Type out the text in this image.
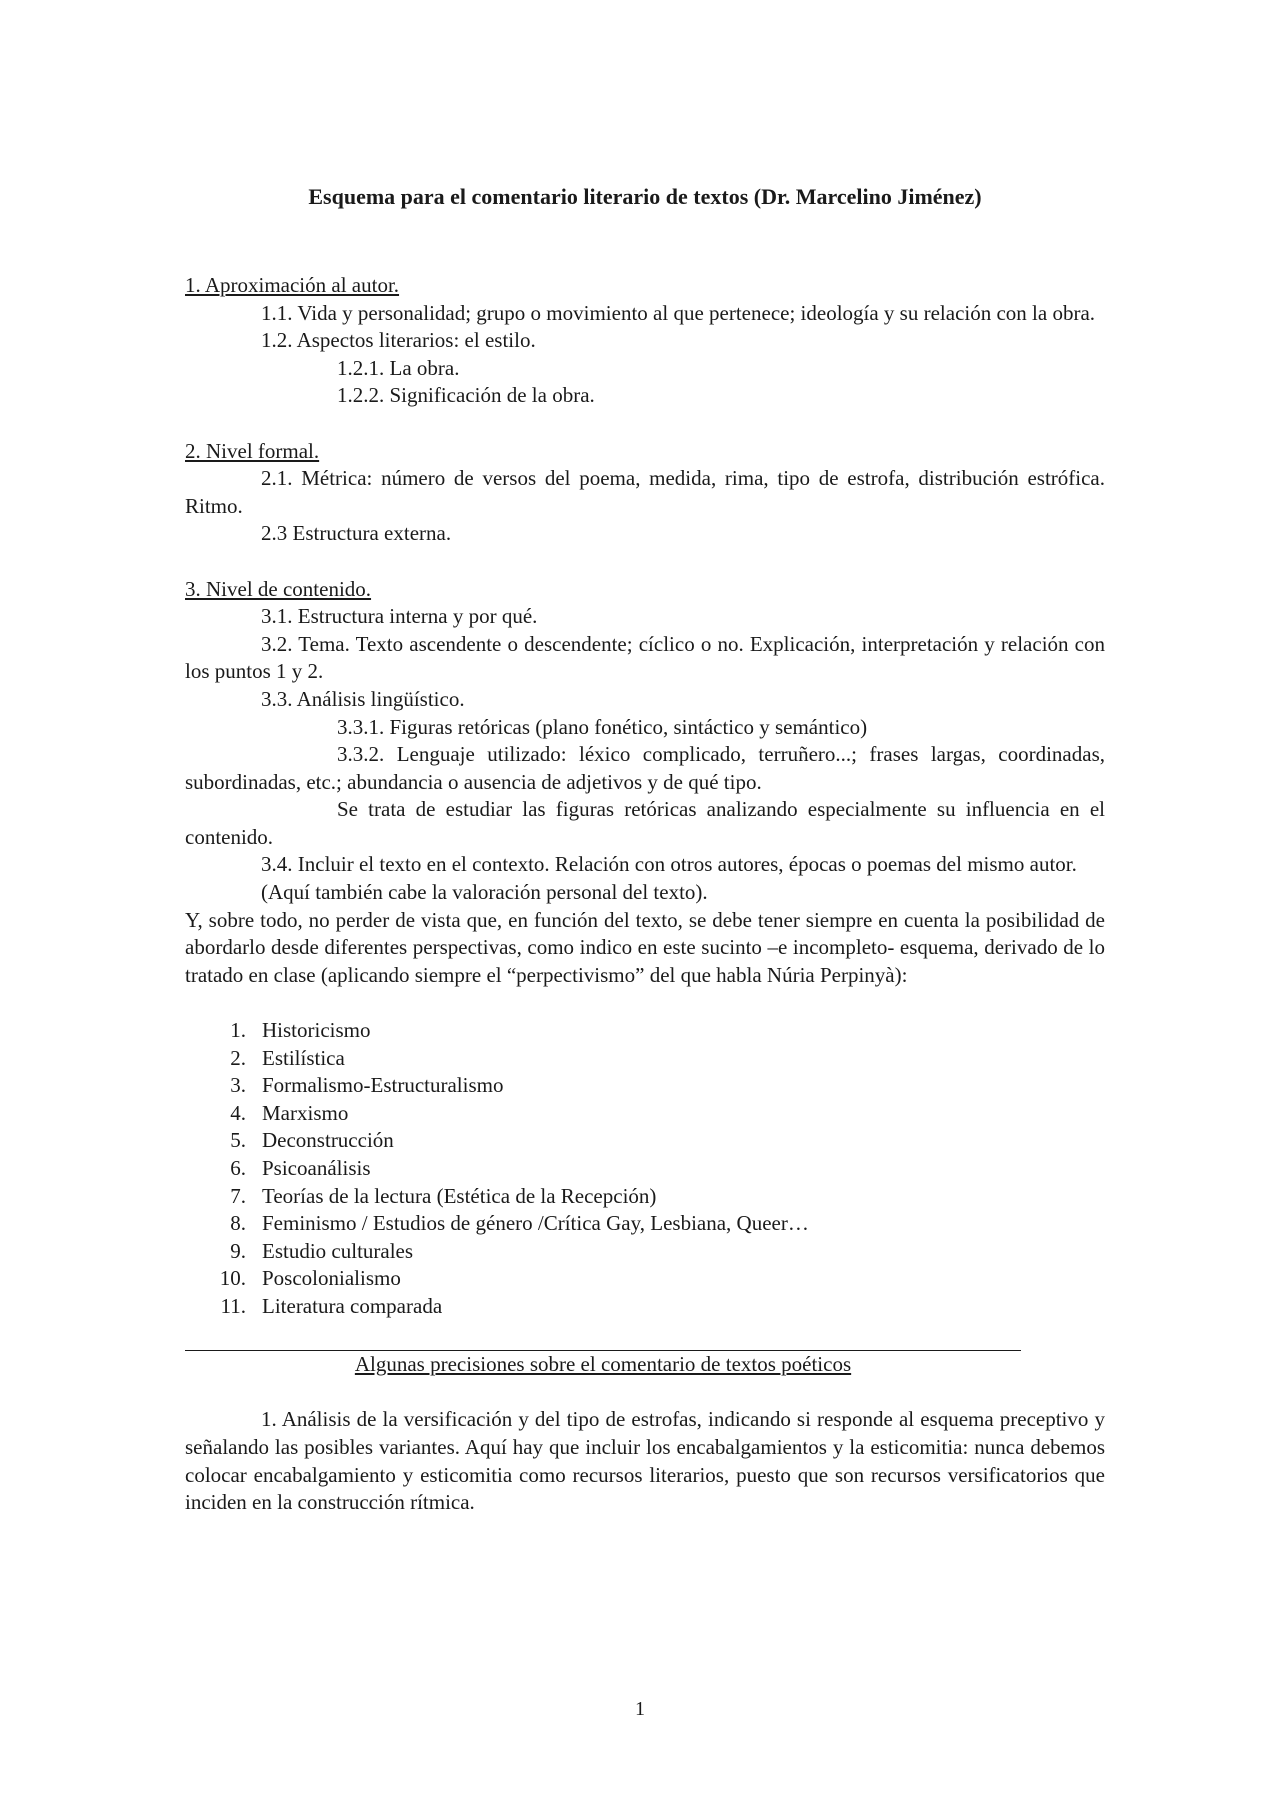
Esquema para el comentario literario de textos (Dr. Marcelino Jiménez)

1. Aproximación al autor.

1.1. Vida y personalidad; grupo o movimiento al que pertenece; ideología y su relación con la obra.

1.2. Aspectos literarios: el estilo.

1.2.1. La obra.

1.2.2. Significación de la obra.

2. Nivel formal.

2.1. Métrica: número de versos del poema, medida, rima, tipo de estrofa, distribución estrófica. Ritmo.

2.3 Estructura externa.

3. Nivel de contenido.

3.1. Estructura interna y por qué.

3.2. Tema. Texto ascendente o descendente; cíclico o no. Explicación, interpretación y relación con los puntos 1 y 2.

3.3. Análisis lingüístico.

3.3.1. Figuras retóricas (plano fonético, sintáctico y semántico)

3.3.2. Lenguaje utilizado: léxico complicado, terruñero...; frases largas, coordinadas, subordinadas, etc.; abundancia o ausencia de adjetivos y de qué tipo.

Se trata de estudiar las figuras retóricas analizando especialmente su influencia en el contenido.

3.4. Incluir el texto en el contexto. Relación con otros autores, épocas o poemas del mismo autor.

(Aquí también cabe la valoración personal del texto).

Y, sobre todo, no perder de vista que, en función del texto, se debe tener siempre en cuenta la posibilidad de abordarlo desde diferentes perspectivas, como indico en este sucinto –e incompleto- esquema, derivado de lo tratado en clase (aplicando siempre el “perpectivismo” del que habla Núria Perpinyà):

1. Historicismo
2. Estilística
3. Formalismo-Estructuralismo
4. Marxismo
5. Deconstrucción
6. Psicoanálisis
7. Teorías de la lectura (Estética de la Recepción)
8. Feminismo / Estudios de género /Crítica Gay, Lesbiana, Queer…
9. Estudio culturales
10. Poscolonialismo
11. Literatura comparada

Algunas precisiones sobre el comentario de textos poéticos

1. Análisis de la versificación y del tipo de estrofas, indicando si responde al esquema preceptivo y señalando las posibles variantes. Aquí hay que incluir los encabalgamientos y la esticomitia: nunca debemos colocar encabalgamiento y esticomitia como recursos literarios, puesto que son recursos versificatorios que inciden en la construcción rítmica.

1
